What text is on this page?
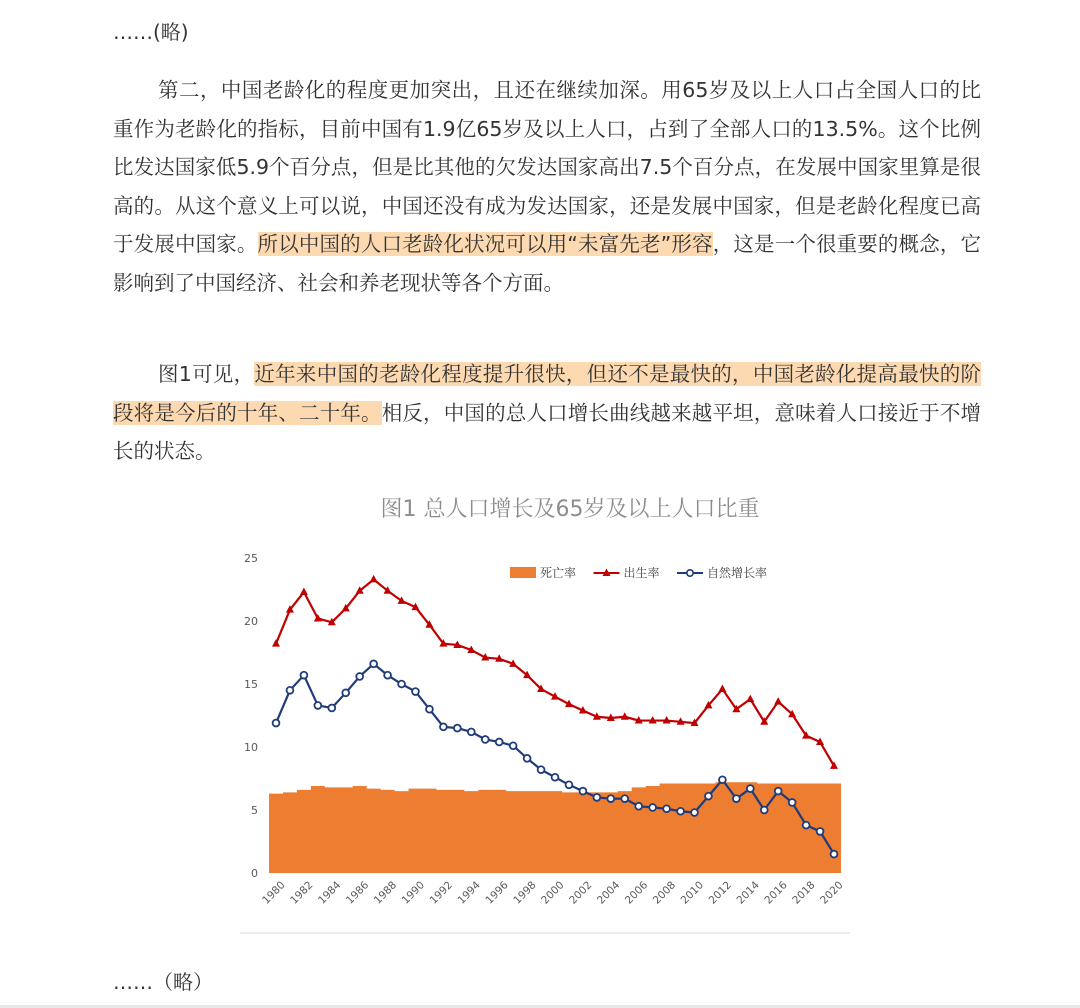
……(略)

第二，中国老龄化的程度更加突出，且还在继续加深。用65岁及以上人口占全国人口的比重作为老龄化的指标，目前中国有1.9亿65岁及以上人口，占到了全部人口的13.5%。这个比例比发达国家低5.9个百分点，但是比其他的欠发达国家高出7.5个百分点，在发展中国家里算是很高的。从这个意义上可以说，中国还没有成为发达国家，还是发展中国家，但是老龄化程度已高于发展中国家。所以中国的人口老龄化状况可以用“未富先老”形容，这是一个很重要的概念，它影响到了中国经济、社会和养老现状等各个方面。

图1可见，近年来中国的老龄化程度提升很快，但还不是最快的，中国老龄化提高最快的阶段将是今后的十年、二十年。相反，中国的总人口增长曲线越来越平坦，意味着人口接近于不增长的状态。

图1 总人口增长及65岁及以上人口比重
0
5
10
15
20
25
1980 1982 1984 1986 1988 1990 1992 1994 1996 1998 2000 2002 2004 2006 2008 2010 2012 2014 2016 2018 2020
死亡率	出生率	自然增长率
……（略）
